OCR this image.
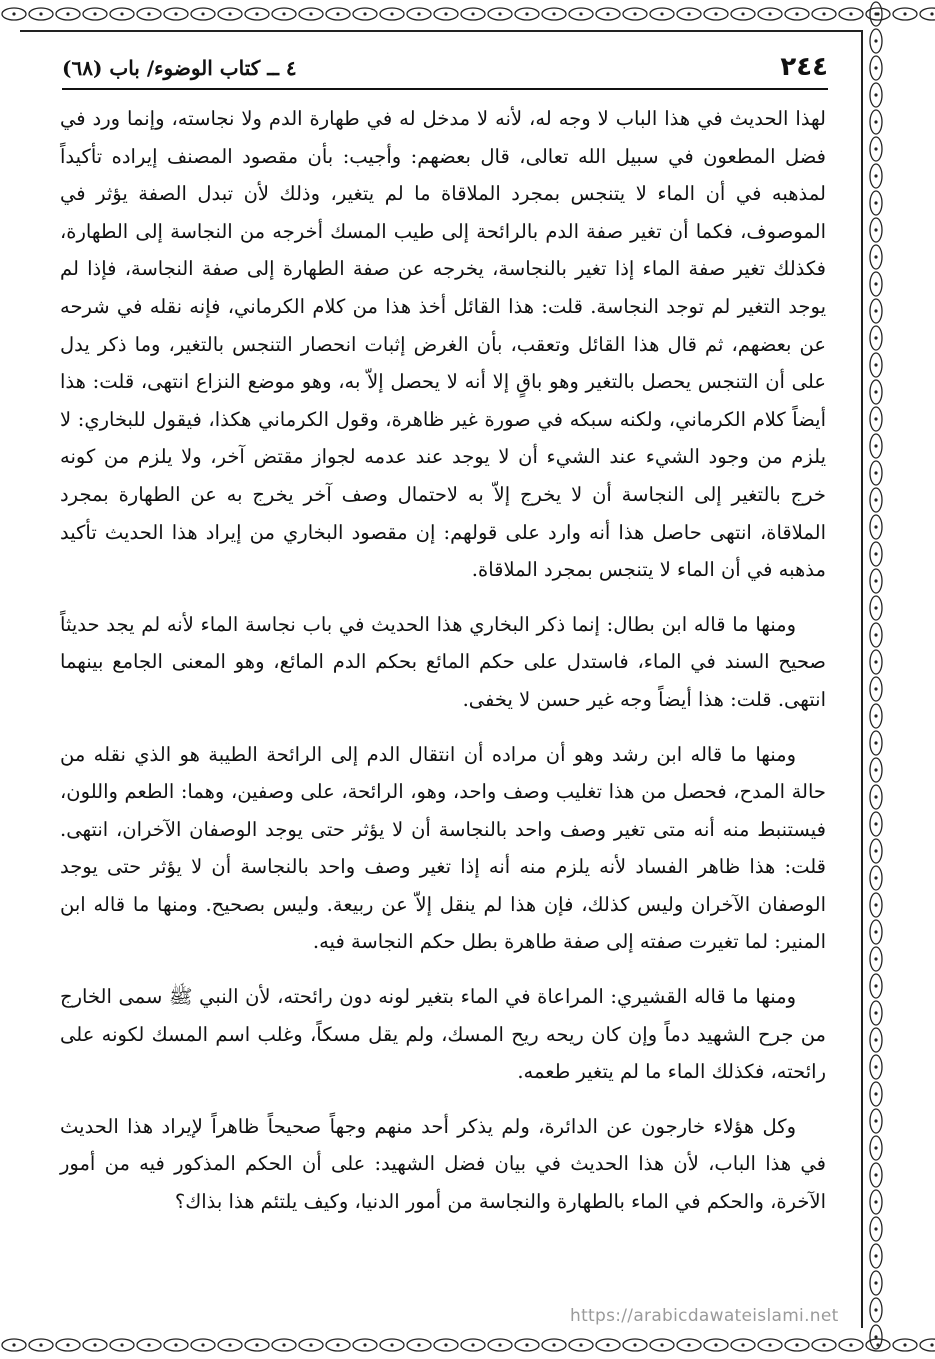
٢٤٤
٤ ــ كتاب الوضوء/ باب (٦٨)

لهذا الحديث في هذا الباب لا وجه له، لأنه لا مدخل له في طهارة الدم ولا نجاسته، وإنما ورد في فضل المطعون في سبيل الله تعالى، قال بعضهم: وأجيب: بأن مقصود المصنف إيراده تأكيداً لمذهبه في أن الماء لا يتنجس بمجرد الملاقاة ما لم يتغير، وذلك لأن تبدل الصفة يؤثر في الموصوف، فكما أن تغير صفة الدم بالرائحة إلى طيب المسك أخرجه من النجاسة إلى الطهارة، فكذلك تغير صفة الماء إذا تغير بالنجاسة، يخرجه عن صفة الطهارة إلى صفة النجاسة، فإذا لم يوجد التغير لم توجد النجاسة. قلت: هذا القائل أخذ هذا من كلام الكرماني، فإنه نقله في شرحه عن بعضهم، ثم قال هذا القائل وتعقب، بأن الغرض إثبات انحصار التنجس بالتغير، وما ذكر يدل على أن التنجس يحصل بالتغير وهو باقٍ إلا أنه لا يحصل إلاّ به، وهو موضع النزاع انتهى، قلت: هذا أيضاً كلام الكرماني، ولكنه سبكه في صورة غير ظاهرة، وقول الكرماني هكذا، فيقول للبخاري: لا يلزم من وجود الشيء عند الشيء أن لا يوجد عند عدمه لجواز مقتض آخر، ولا يلزم من كونه خرج بالتغير إلى النجاسة أن لا يخرج إلاّ به لاحتمال وصف آخر يخرج به عن الطهارة بمجرد الملاقاة، انتهى حاصل هذا أنه وارد على قولهم: إن مقصود البخاري من إيراد هذا الحديث تأكيد مذهبه في أن الماء لا يتنجس بمجرد الملاقاة.

ومنها ما قاله ابن بطال: إنما ذكر البخاري هذا الحديث في باب نجاسة الماء لأنه لم يجد حديثاً صحيح السند في الماء، فاستدل على حكم المائع بحكم الدم المائع، وهو المعنى الجامع بينهما انتهى. قلت: هذا أيضاً وجه غير حسن لا يخفى.

ومنها ما قاله ابن رشد وهو أن مراده أن انتقال الدم إلى الرائحة الطيبة هو الذي نقله من حالة المدح، فحصل من هذا تغليب وصف واحد، وهو، الرائحة، على وصفين، وهما: الطعم واللون، فيستنبط منه أنه متى تغير وصف واحد بالنجاسة أن لا يؤثر حتى يوجد الوصفان الآخران، انتهى. قلت: هذا ظاهر الفساد لأنه يلزم منه أنه إذا تغير وصف واحد بالنجاسة أن لا يؤثر حتى يوجد الوصفان الآخران وليس كذلك، فإن هذا لم ينقل إلاّ عن ربيعة. وليس بصحيح. ومنها ما قاله ابن المنير: لما تغيرت صفته إلى صفة طاهرة بطل حكم النجاسة فيه.

ومنها ما قاله القشيري: المراعاة في الماء بتغير لونه دون رائحته، لأن النبي ﷺ سمى الخارج من جرح الشهيد دماً وإن كان ريحه ريح المسك، ولم يقل مسكاً، وغلب اسم المسك لكونه على رائحته، فكذلك الماء ما لم يتغير طعمه.

وكل هؤلاء خارجون عن الدائرة، ولم يذكر أحد منهم وجهاً صحيحاً ظاهراً لإيراد هذا الحديث في هذا الباب، لأن هذا الحديث في بيان فضل الشهيد: على أن الحكم المذكور فيه من أمور الآخرة، والحكم في الماء بالطهارة والنجاسة من أمور الدنيا، وكيف يلتئم هذا بذاك؟

https://arabicdawateislami.net
